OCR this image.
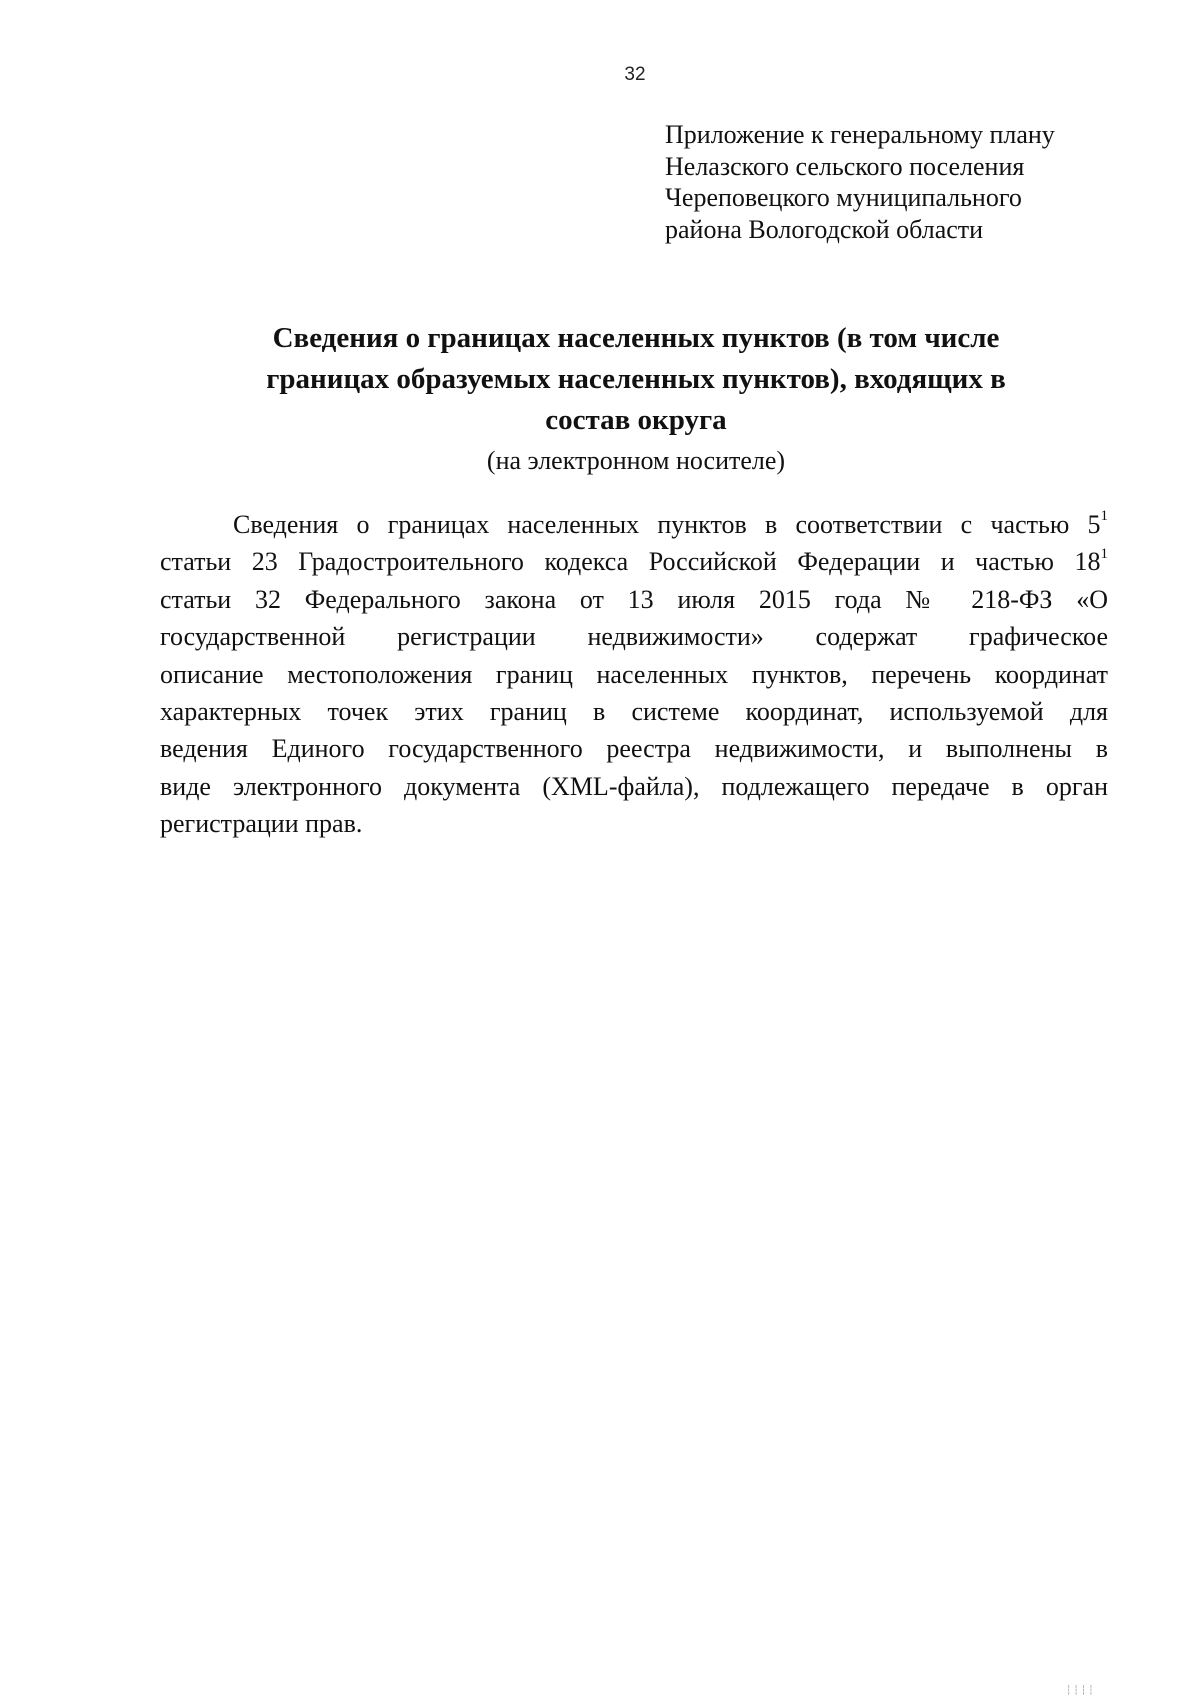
32
Приложение к генеральному плану
Нелазского сельского поселения
Череповецкого муниципального
района Вологодской области
Сведения о границах населенных пунктов (в том числе
границах образуемых населенных пунктов), входящих в
состав округа
(на электронном носителе)
Сведения о границах населенных пунктов в соответствии с частью $5^1$
статьи 23 Градостроительного кодекса Российской Федерации и частью $18^1$
статьи 32 Федерального закона от 13 июля 2015 года № 218-ФЗ «О
государственной регистрации недвижимости» содержат графическое
описание местоположения границ населенных пунктов, перечень координат
характерных точек этих границ в системе координат, используемой для
ведения Единого государственного реестра недвижимости, и выполнены в
виде электронного документа (XML-файла), подлежащего передаче в орган
регистрации прав.
┆┆┆┆
